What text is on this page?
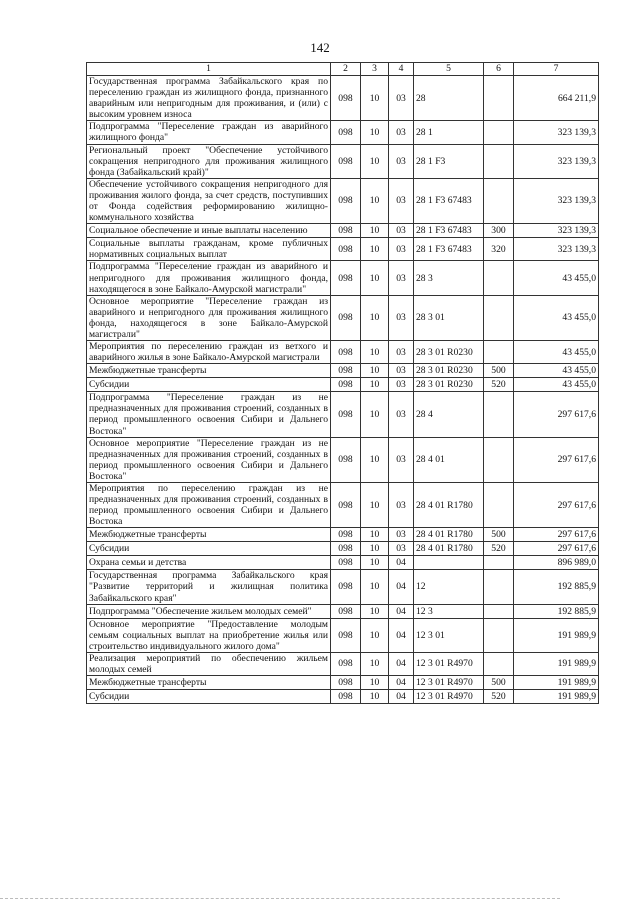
142
1	2	3	4	5	6	7
Государственная программа Забайкальского края по переселению граждан из жилищного фонда, признанного аварийным или непригодным для проживания, и (или) с высоким уровнем износа	098	10	03	28		664 211,9
Подпрограмма "Переселение граждан из аварийного жилищного фонда"	098	10	03	28 1		323 139,3
Региональный проект "Обеспечение устойчивого сокращения непригодного для проживания жилищного фонда (Забайкальский край)"	098	10	03	28 1 F3		323 139,3
Обеспечение устойчивого сокращения непригодного для проживания жилого фонда, за счет средств, поступивших от Фонда содействия реформированию жилищно-коммунального хозяйства	098	10	03	28 1 F3 67483		323 139,3
Социальное обеспечение и иные выплаты населению	098	10	03	28 1 F3 67483	300	323 139,3
Социальные выплаты гражданам, кроме публичных нормативных социальных выплат	098	10	03	28 1 F3 67483	320	323 139,3
Подпрограмма "Переселение граждан из аварийного и непригодного для проживания жилищного фонда, находящегося в зоне Байкало-Амурской магистрали"	098	10	03	28 3		43 455,0
Основное мероприятие "Переселение граждан из аварийного и непригодного для проживания жилищного фонда, находящегося в зоне Байкало-Амурской магистрали"	098	10	03	28 3 01		43 455,0
Мероприятия по переселению граждан из ветхого и аварийного жилья в зоне Байкало-Амурской магистрали	098	10	03	28 3 01 R0230		43 455,0
Межбюджетные трансферты	098	10	03	28 3 01 R0230	500	43 455,0
Субсидии	098	10	03	28 3 01 R0230	520	43 455,0
Подпрограмма "Переселение граждан из не предназначенных для проживания строений, созданных в период промышленного освоения Сибири и Дальнего Востока"	098	10	03	28 4		297 617,6
Основное мероприятие "Переселение граждан из не предназначенных для проживания строений, созданных в период промышленного освоения Сибири и Дальнего Востока"	098	10	03	28 4 01		297 617,6
Мероприятия по переселению граждан из не предназначенных для проживания строений, созданных в период промышленного освоения Сибири и Дальнего Востока	098	10	03	28 4 01 R1780		297 617,6
Межбюджетные трансферты	098	10	03	28 4 01 R1780	500	297 617,6
Субсидии	098	10	03	28 4 01 R1780	520	297 617,6
Охрана семьи и детства	098	10	04			896 989,0
Государственная программа Забайкальского края "Развитие территорий и жилищная политика Забайкальского края"	098	10	04	12		192 885,9
Подпрограмма "Обеспечение жильем молодых семей"	098	10	04	12 3		192 885,9
Основное мероприятие "Предоставление молодым семьям социальных выплат на приобретение жилья или строительство индивидуального жилого дома"	098	10	04	12 3 01		191 989,9
Реализация мероприятий по обеспечению жильем молодых семей	098	10	04	12 3 01 R4970		191 989,9
Межбюджетные трансферты	098	10	04	12 3 01 R4970	500	191 989,9
Субсидии	098	10	04	12 3 01 R4970	520	191 989,9
